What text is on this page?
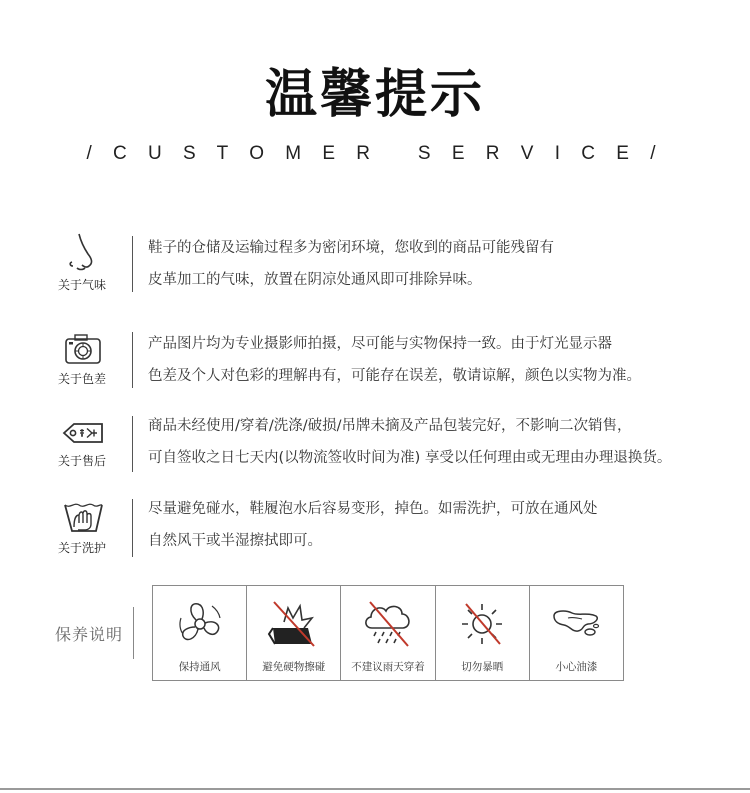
温馨提示
/ C U S T O M E R   S E R V I C E /
关于气味
鞋子的仓储及运输过程多为密闭环境，您收到的商品可能残留有
皮革加工的气味，放置在阴凉处通风即可排除异味。
关于色差
产品图片均为专业摄影师拍摄，尽可能与实物保持一致。由于灯光显示器
色差及个人对色彩的理解冉有，可能存在误差，敬请谅解，颜色以实物为准。
关于售后
商品未经使用/穿着/洗涤/破损/吊牌未摘及产品包装完好，不影响二次销售，
可自签收之日七天内(以物流签收时间为准) 享受以任何理由或无理由办理退换货。
关于洗护
尽量避免碰水，鞋履泡水后容易变形，掉色。如需洗护，可放在通风处
自然风干或半湿擦拭即可。
保养说明
保持通风	避免硬物擦碰	不建议雨天穿着	切勿暴晒	小心油漆
